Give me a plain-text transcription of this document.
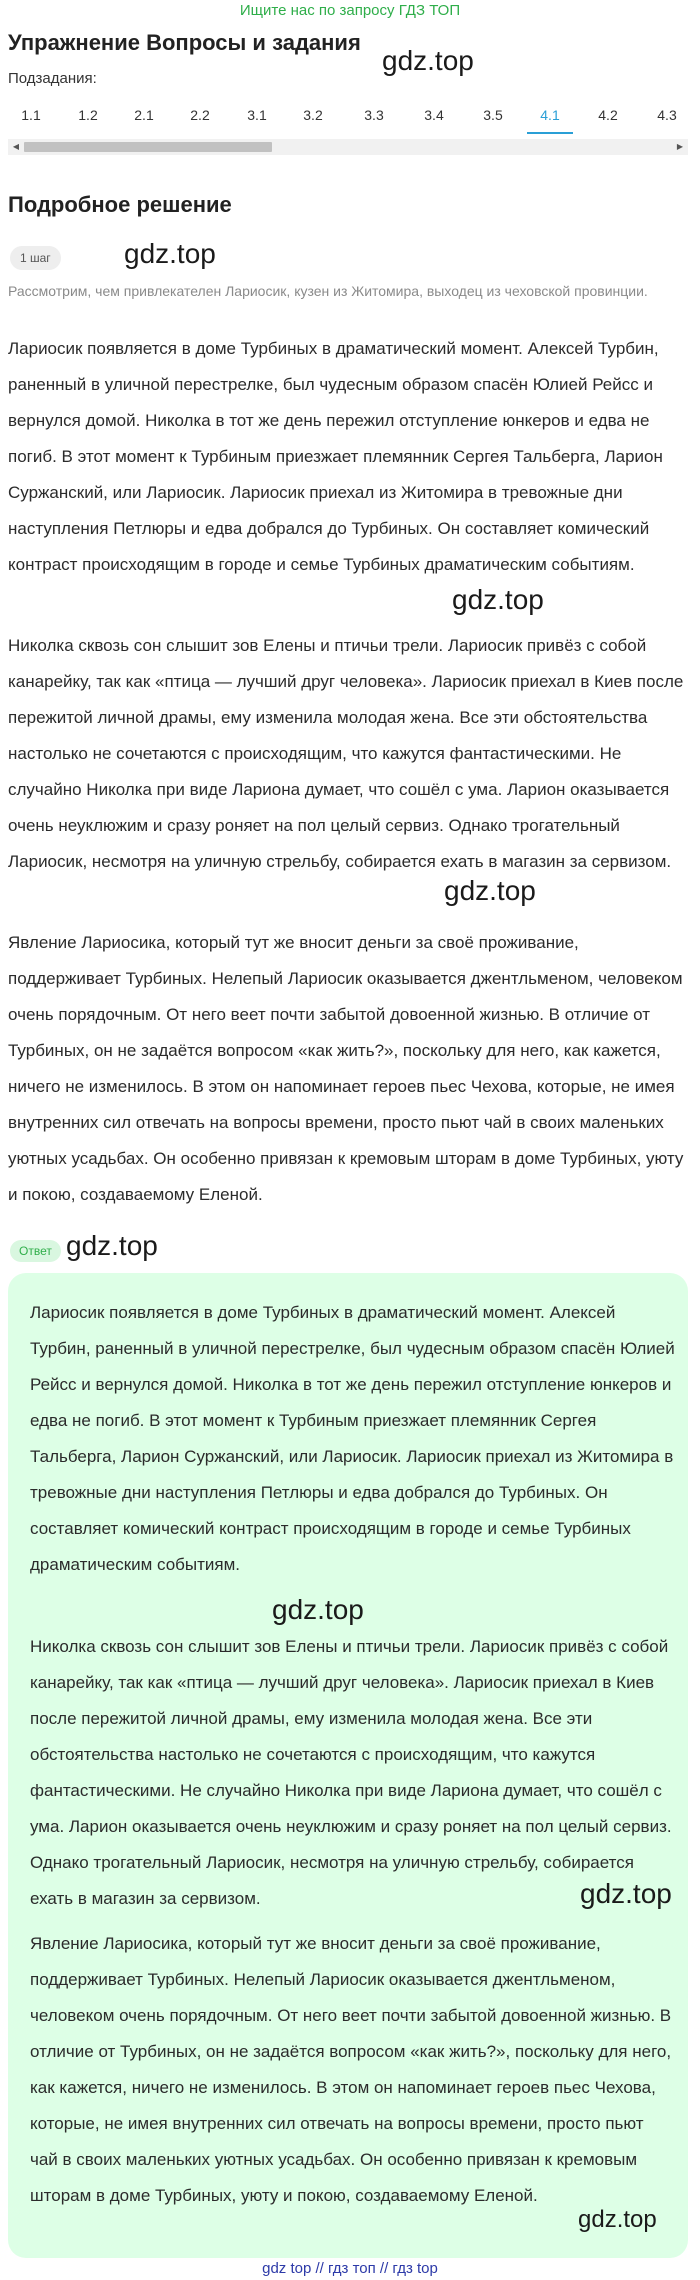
Ищите нас по запросу ГДЗ ТОП
Упражнение Вопросы и задания
gdz.top
Подзадания:
1.1	1.2	2.1	2.2	3.1	3.2	3.3	3.4	3.5	4.1	4.2	4.3
◀	▶
Подробное решение
1 шаг	gdz.top
Рассмотрим, чем привлекателен Лариосик, кузен из Житомира, выходец из чеховской провинции.
Лариосик появляется в доме Турбиных в драматический момент. Алексей Турбин, раненный в уличной перестрелке, был чудесным образом спасён Юлией Рейсс и вернулся домой. Николка в тот же день пережил отступление юнкеров и едва не погиб. В этот момент к Турбиным приезжает племянник Сергея Тальберга, Ларион Суржанский, или Лариосик. Лариосик приехал из Житомира в тревожные дни наступления Петлюры и едва добрался до Турбиных. Он составляет комический контраст происходящим в городе и семье Турбиных драматическим событиям.
gdz.top
Николка сквозь сон слышит зов Елены и птичьи трели. Лариосик привёз с собой канарейку, так как «птица — лучший друг человека». Лариосик приехал в Киев после пережитой личной драмы, ему изменила молодая жена. Все эти обстоятельства настолько не сочетаются с происходящим, что кажутся фантастическими. Не случайно Николка при виде Лариона думает, что сошёл с ума. Ларион оказывается очень неуклюжим и сразу роняет на пол целый сервиз. Однако трогательный Лариосик, несмотря на уличную стрельбу, собирается ехать в магазин за сервизом.
gdz.top
Явление Лариосика, который тут же вносит деньги за своё проживание, поддерживает Турбиных. Нелепый Лариосик оказывается джентльменом, человеком очень порядочным. От него веет почти забытой довоенной жизнью. В отличие от Турбиных, он не задаётся вопросом «как жить?», поскольку для него, как кажется, ничего не изменилось. В этом он напоминает героев пьес Чехова, которые, не имея внутренних сил отвечать на вопросы времени, просто пьют чай в своих маленьких уютных усадьбах. Он особенно привязан к кремовым шторам в доме Турбиных, уюту и покою, создаваемому Еленой.
Ответ gdz.top
Лариосик появляется в доме Турбиных в драматический момент. Алексей Турбин, раненный в уличной перестрелке, был чудесным образом спасён Юлией Рейсс и вернулся домой. Николка в тот же день пережил отступление юнкеров и едва не погиб. В этот момент к Турбиным приезжает племянник Сергея Тальберга, Ларион Суржанский, или Лариосик. Лариосик приехал из Житомира в тревожные дни наступления Петлюры и едва добрался до Турбиных. Он составляет комический контраст происходящим в городе и семье Турбиных драматическим событиям.
gdz.top
Николка сквозь сон слышит зов Елены и птичьи трели. Лариосик привёз с собой канарейку, так как «птица — лучший друг человека». Лариосик приехал в Киев после пережитой личной драмы, ему изменила молодая жена. Все эти обстоятельства настолько не сочетаются с происходящим, что кажутся фантастическими. Не случайно Николка при виде Лариона думает, что сошёл с ума. Ларион оказывается очень неуклюжим и сразу роняет на пол целый сервиз. Однако трогательный Лариосик, несмотря на уличную стрельбу, собирается ехать в магазин за сервизом.	gdz.top
Явление Лариосика, который тут же вносит деньги за своё проживание, поддерживает Турбиных. Нелепый Лариосик оказывается джентльменом, человеком очень порядочным. От него веет почти забытой довоенной жизнью. В отличие от Турбиных, он не задаётся вопросом «как жить?», поскольку для него, как кажется, ничего не изменилось. В этом он напоминает героев пьес Чехова, которые, не имея внутренних сил отвечать на вопросы времени, просто пьют чай в своих маленьких уютных усадьбах. Он особенно привязан к кремовым шторам в доме Турбиных, уюту и покою, создаваемому Еленой.
gdz.top
gdz top // гдз топ // гдз top
